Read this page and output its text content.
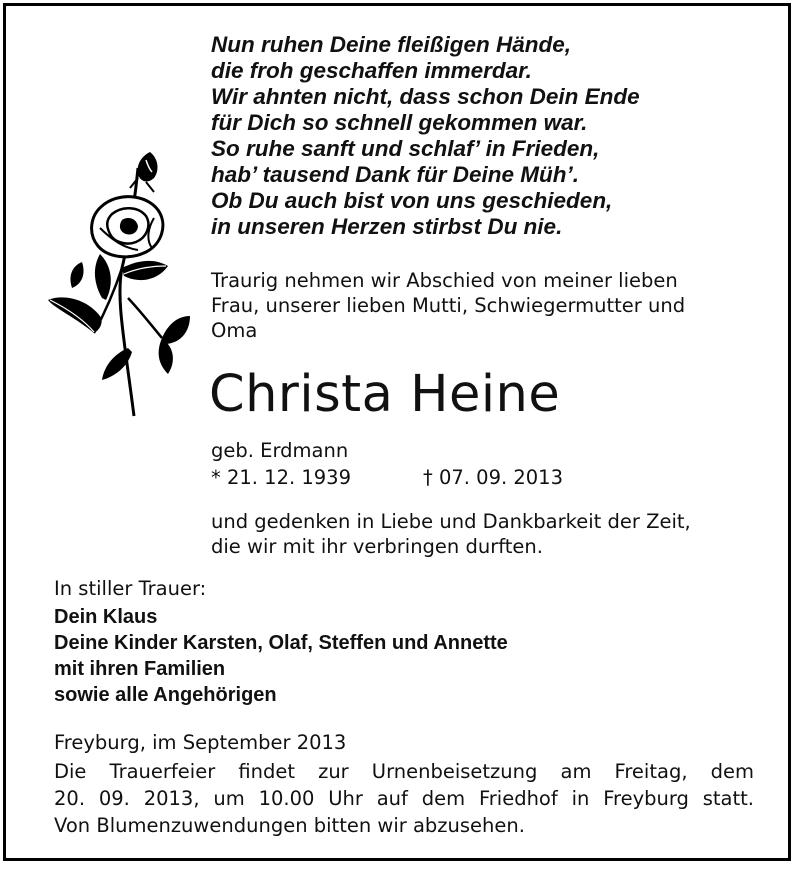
Nun ruhen Deine fleißigen Hände,
die froh geschaffen immerdar.
Wir ahnten nicht, dass schon Dein Ende
für Dich so schnell gekommen war.
So ruhe sanft und schlaf’ in Frieden,
hab’ tausend Dank für Deine Müh’.
Ob Du auch bist von uns geschieden,
in unseren Herzen stirbst Du nie.
Traurig nehmen wir Abschied von meiner lieben
Frau, unserer lieben Mutti, Schwiegermutter und
Oma
Christa Heine
geb. Erdmann
* 21. 12. 1939	† 07. 09. 2013
und gedenken in Liebe und Dankbarkeit der Zeit,
die wir mit ihr verbringen durften.
In stiller Trauer:
Dein Klaus
Deine Kinder Karsten, Olaf, Steffen und Annette
mit ihren Familien
sowie alle Angehörigen
Freyburg, im September 2013
Die Trauerfeier findet zur Urnenbeisetzung am Freitag, dem
20. 09. 2013, um 10.00 Uhr auf dem Friedhof in Freyburg statt.
Von Blumenzuwendungen bitten wir abzusehen.
